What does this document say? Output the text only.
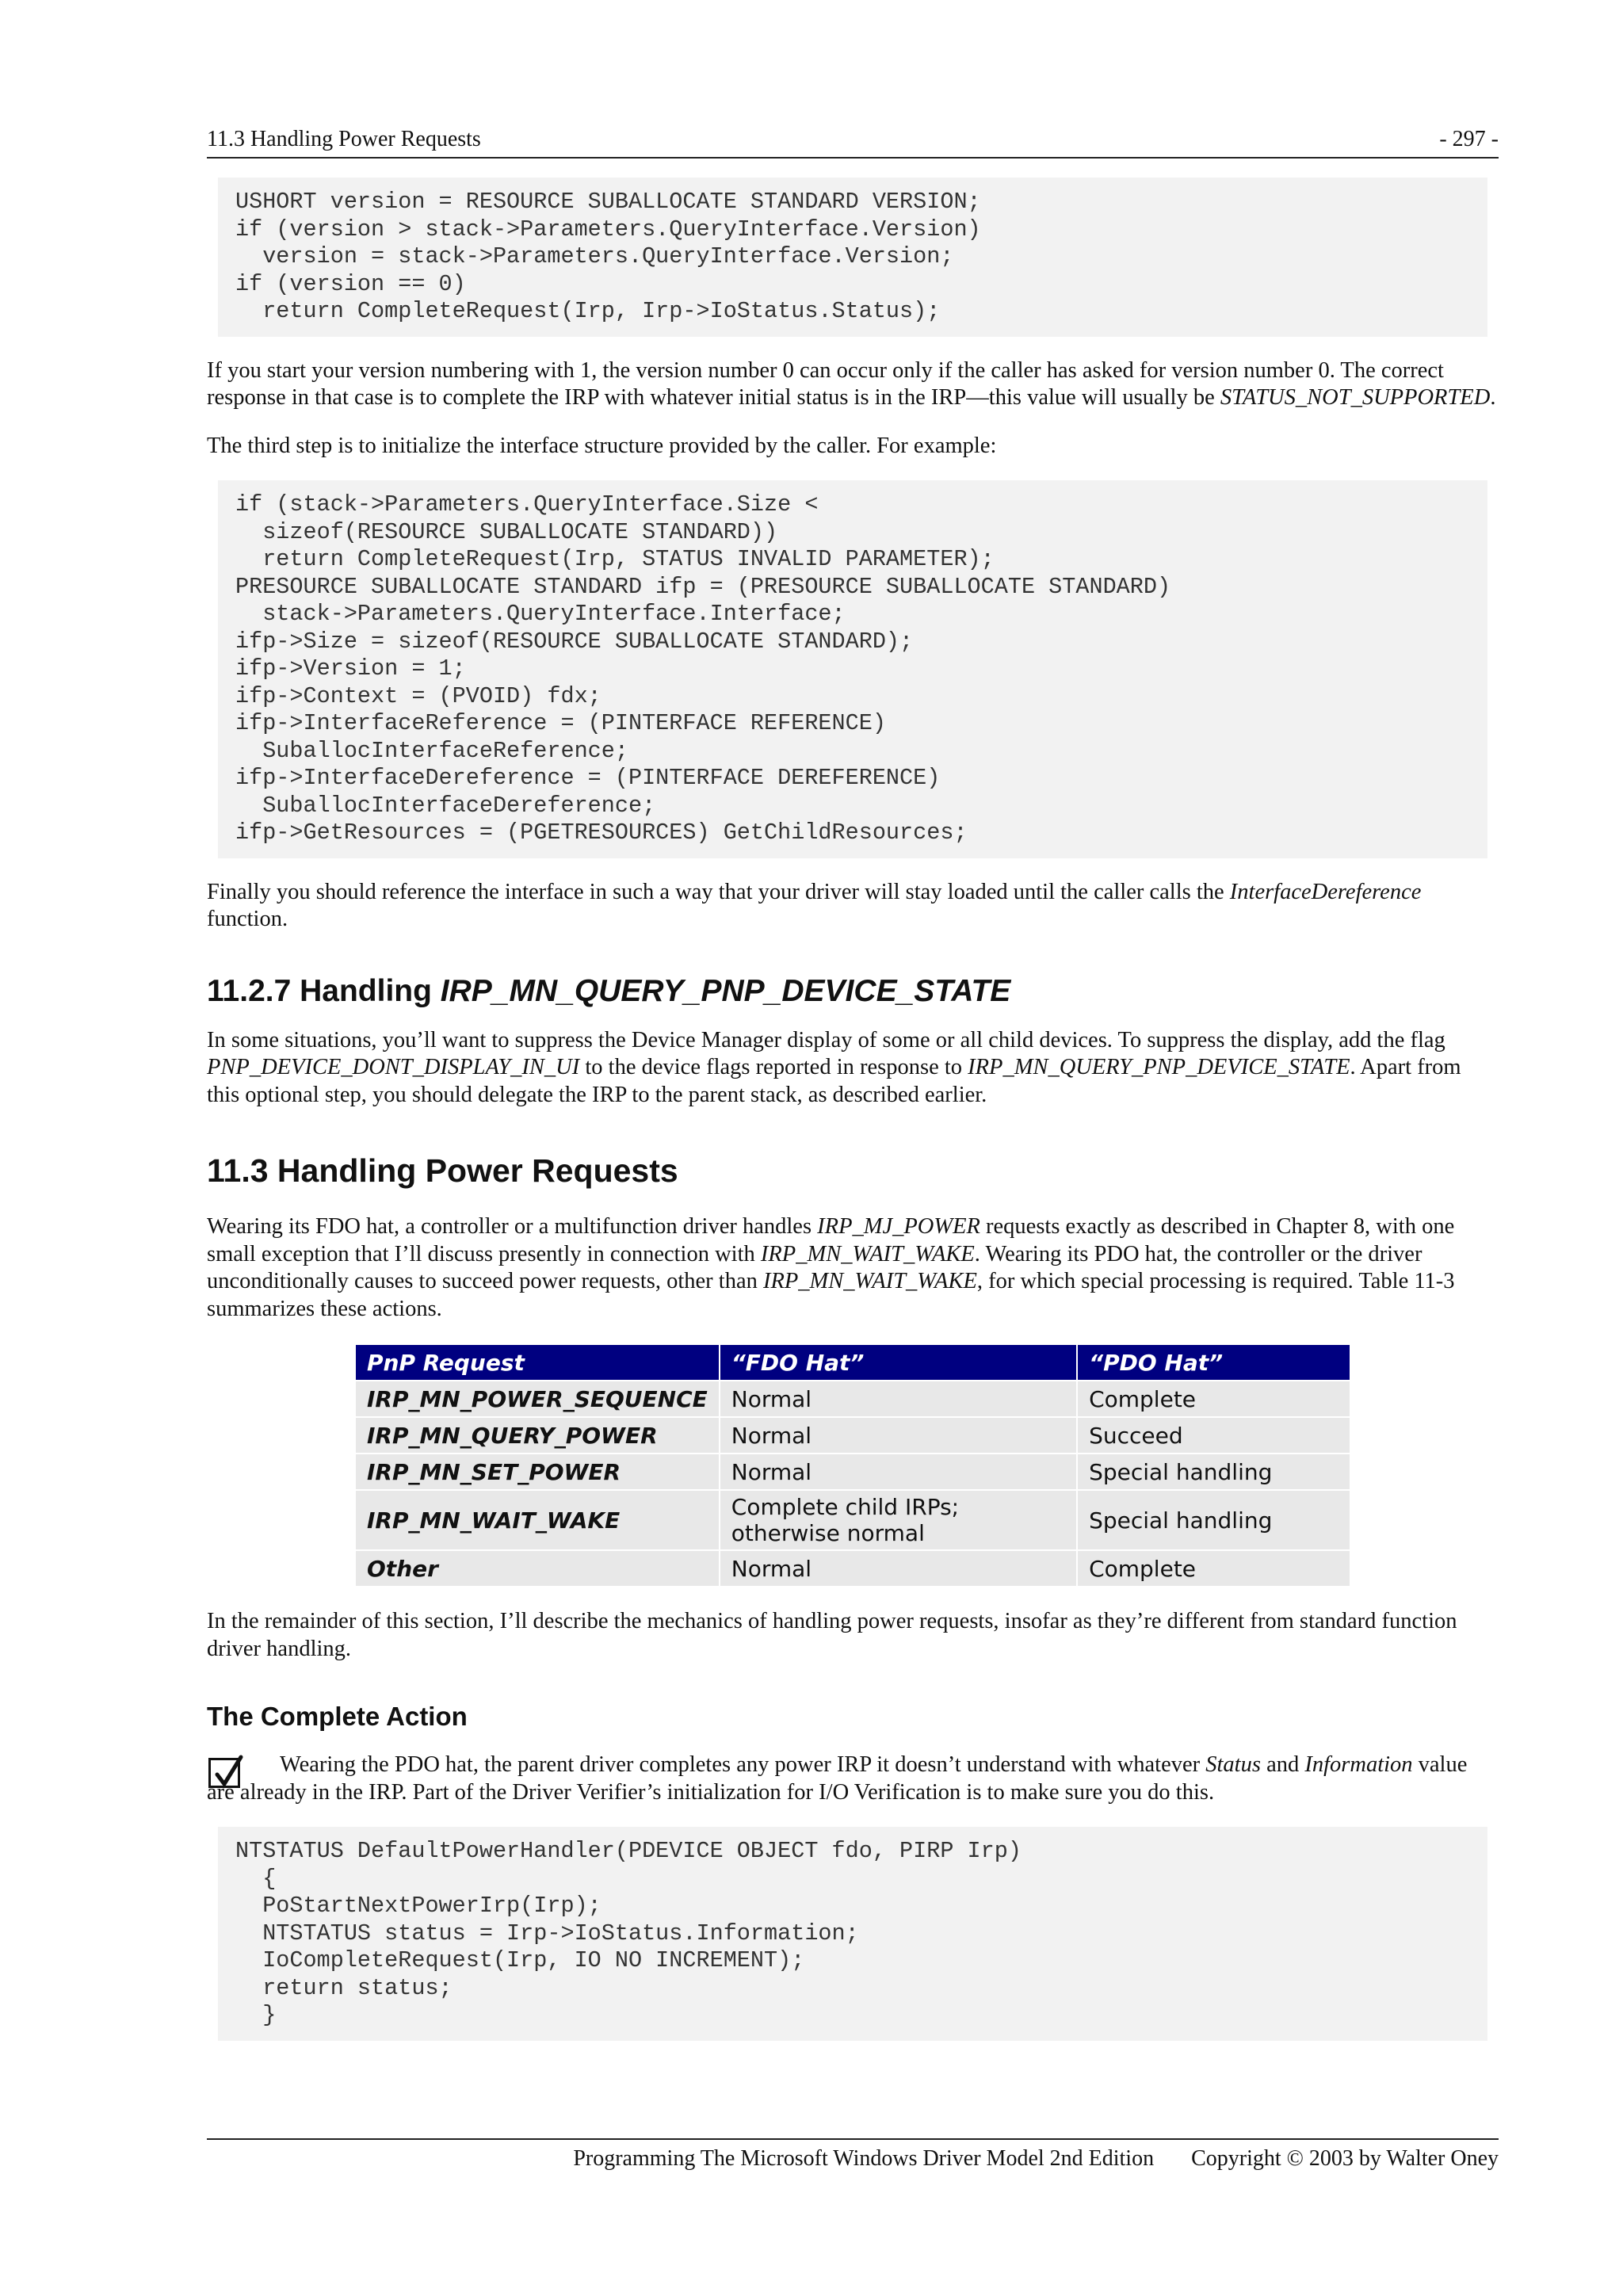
11.3 Handling Power Requests	- 297 -
USHORT version = RESOURCE SUBALLOCATE STANDARD VERSION;
if (version > stack->Parameters.QueryInterface.Version)
version = stack->Parameters.QueryInterface.Version;
if (version == 0)
return CompleteRequest(Irp, Irp->IoStatus.Status);

If you start your version numbering with 1, the version number 0 can occur only if the caller has asked for version number 0. The correct response in that case is to complete the IRP with whatever initial status is in the IRP—this value will usually be STATUS_NOT_SUPPORTED.

The third step is to initialize the interface structure provided by the caller. For example:

if (stack->Parameters.QueryInterface.Size <
sizeof(RESOURCE SUBALLOCATE STANDARD))
return CompleteRequest(Irp, STATUS INVALID PARAMETER);
PRESOURCE SUBALLOCATE STANDARD ifp = (PRESOURCE SUBALLOCATE STANDARD)
stack->Parameters.QueryInterface.Interface;
ifp->Size = sizeof(RESOURCE SUBALLOCATE STANDARD);
ifp->Version = 1;
ifp->Context = (PVOID) fdx;
ifp->InterfaceReference = (PINTERFACE REFERENCE)
SuballocInterfaceReference;
ifp->InterfaceDereference = (PINTERFACE DEREFERENCE)
SuballocInterfaceDereference;
ifp->GetResources = (PGETRESOURCES) GetChildResources;

Finally you should reference the interface in such a way that your driver will stay loaded until the caller calls the InterfaceDereference function.

11.2.7 Handling IRP_MN_QUERY_PNP_DEVICE_STATE

In some situations, you’ll want to suppress the Device Manager display of some or all child devices. To suppress the display, add the flag PNP_DEVICE_DONT_DISPLAY_IN_UI to the device flags reported in response to IRP_MN_QUERY_PNP_DEVICE_STATE. Apart from this optional step, you should delegate the IRP to the parent stack, as described earlier.

11.3 Handling Power Requests

Wearing its FDO hat, a controller or a multifunction driver handles IRP_MJ_POWER requests exactly as described in Chapter 8, with one small exception that I’ll discuss presently in connection with IRP_MN_WAIT_WAKE. Wearing its PDO hat, the controller or the driver unconditionally causes to succeed power requests, other than IRP_MN_WAIT_WAKE, for which special processing is required. Table 11-3 summarizes these actions.

PnP Request	“FDO Hat”	“PDO Hat”
IRP_MN_POWER_SEQUENCE	Normal	Complete
IRP_MN_QUERY_POWER	Normal	Succeed
IRP_MN_SET_POWER	Normal	Special handling
IRP_MN_WAIT_WAKE	Complete child IRPs; otherwise normal	Special handling
Other	Normal	Complete

In the remainder of this section, I’ll describe the mechanics of handling power requests, insofar as they’re different from standard function driver handling.

The Complete Action

Wearing the PDO hat, the parent driver completes any power IRP it doesn’t understand with whatever Status and Information value are already in the IRP. Part of the Driver Verifier’s initialization for I/O Verification is to make sure you do this.

NTSTATUS DefaultPowerHandler(PDEVICE OBJECT fdo, PIRP Irp)
{
PoStartNextPowerIrp(Irp);
NTSTATUS status = Irp->IoStatus.Information;
IoCompleteRequest(Irp, IO NO INCREMENT);
return status;
}
Programming The Microsoft Windows Driver Model 2nd Edition Copyright © 2003 by Walter Oney
